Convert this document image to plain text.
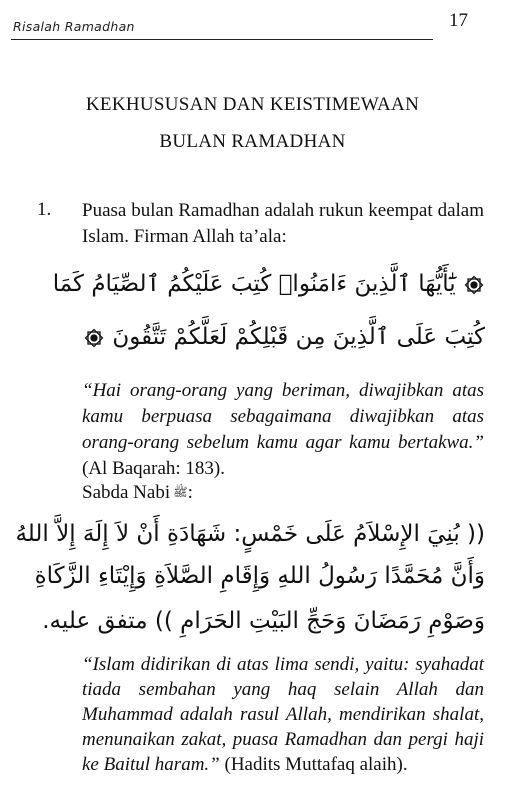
Risalah Ramadhan	17
KEKHUSUSAN DAN KEISTIMEWAAN
BULAN RAMADHAN
1. Puasa bulan Ramadhan adalah rukun keempat dalam Islam. Firman Allah ta’ala:
يَٰٓأَيُّهَا ٱلَّذِينَ ءَامَنُوا۟ كُتِبَ عَلَيْكُمُ ٱلصِّيَامُ كَمَا
كُتِبَ عَلَى ٱلَّذِينَ مِن قَبْلِكُمْ لَعَلَّكُمْ تَتَّقُونَ
“Hai orang-orang yang beriman, diwajibkan atas kamu berpuasa sebagaimana diwajibkan atas orang-orang sebelum kamu agar kamu bertakwa.” (Al Baqarah: 183).
Sabda Nabi ﷺ:
(( بُنِيَ الإِسْلاَمُ عَلَى خَمْسٍ: شَهَادَةِ أَنْ لاَ إِلَهَ إِلاَّ اللهُ
وَأَنَّ مُحَمَّدًا رَسُولُ اللهِ وَإِقَامِ الصَّلاَةِ وَإِيْتَاءِ الزَّكَاةِ
وَصَوْمِ رَمَضَانَ وَحَجِّ البَيْتِ الحَرَامِ )) متفق عليه.
“Islam didirikan di atas lima sendi, yaitu: syahadat tiada sembahan yang haq selain Allah dan Muhammad adalah rasul Allah, mendirikan shalat, menunaikan zakat, puasa Ramadhan dan pergi haji ke Baitul haram.” (Hadits Muttafaq alaih).
